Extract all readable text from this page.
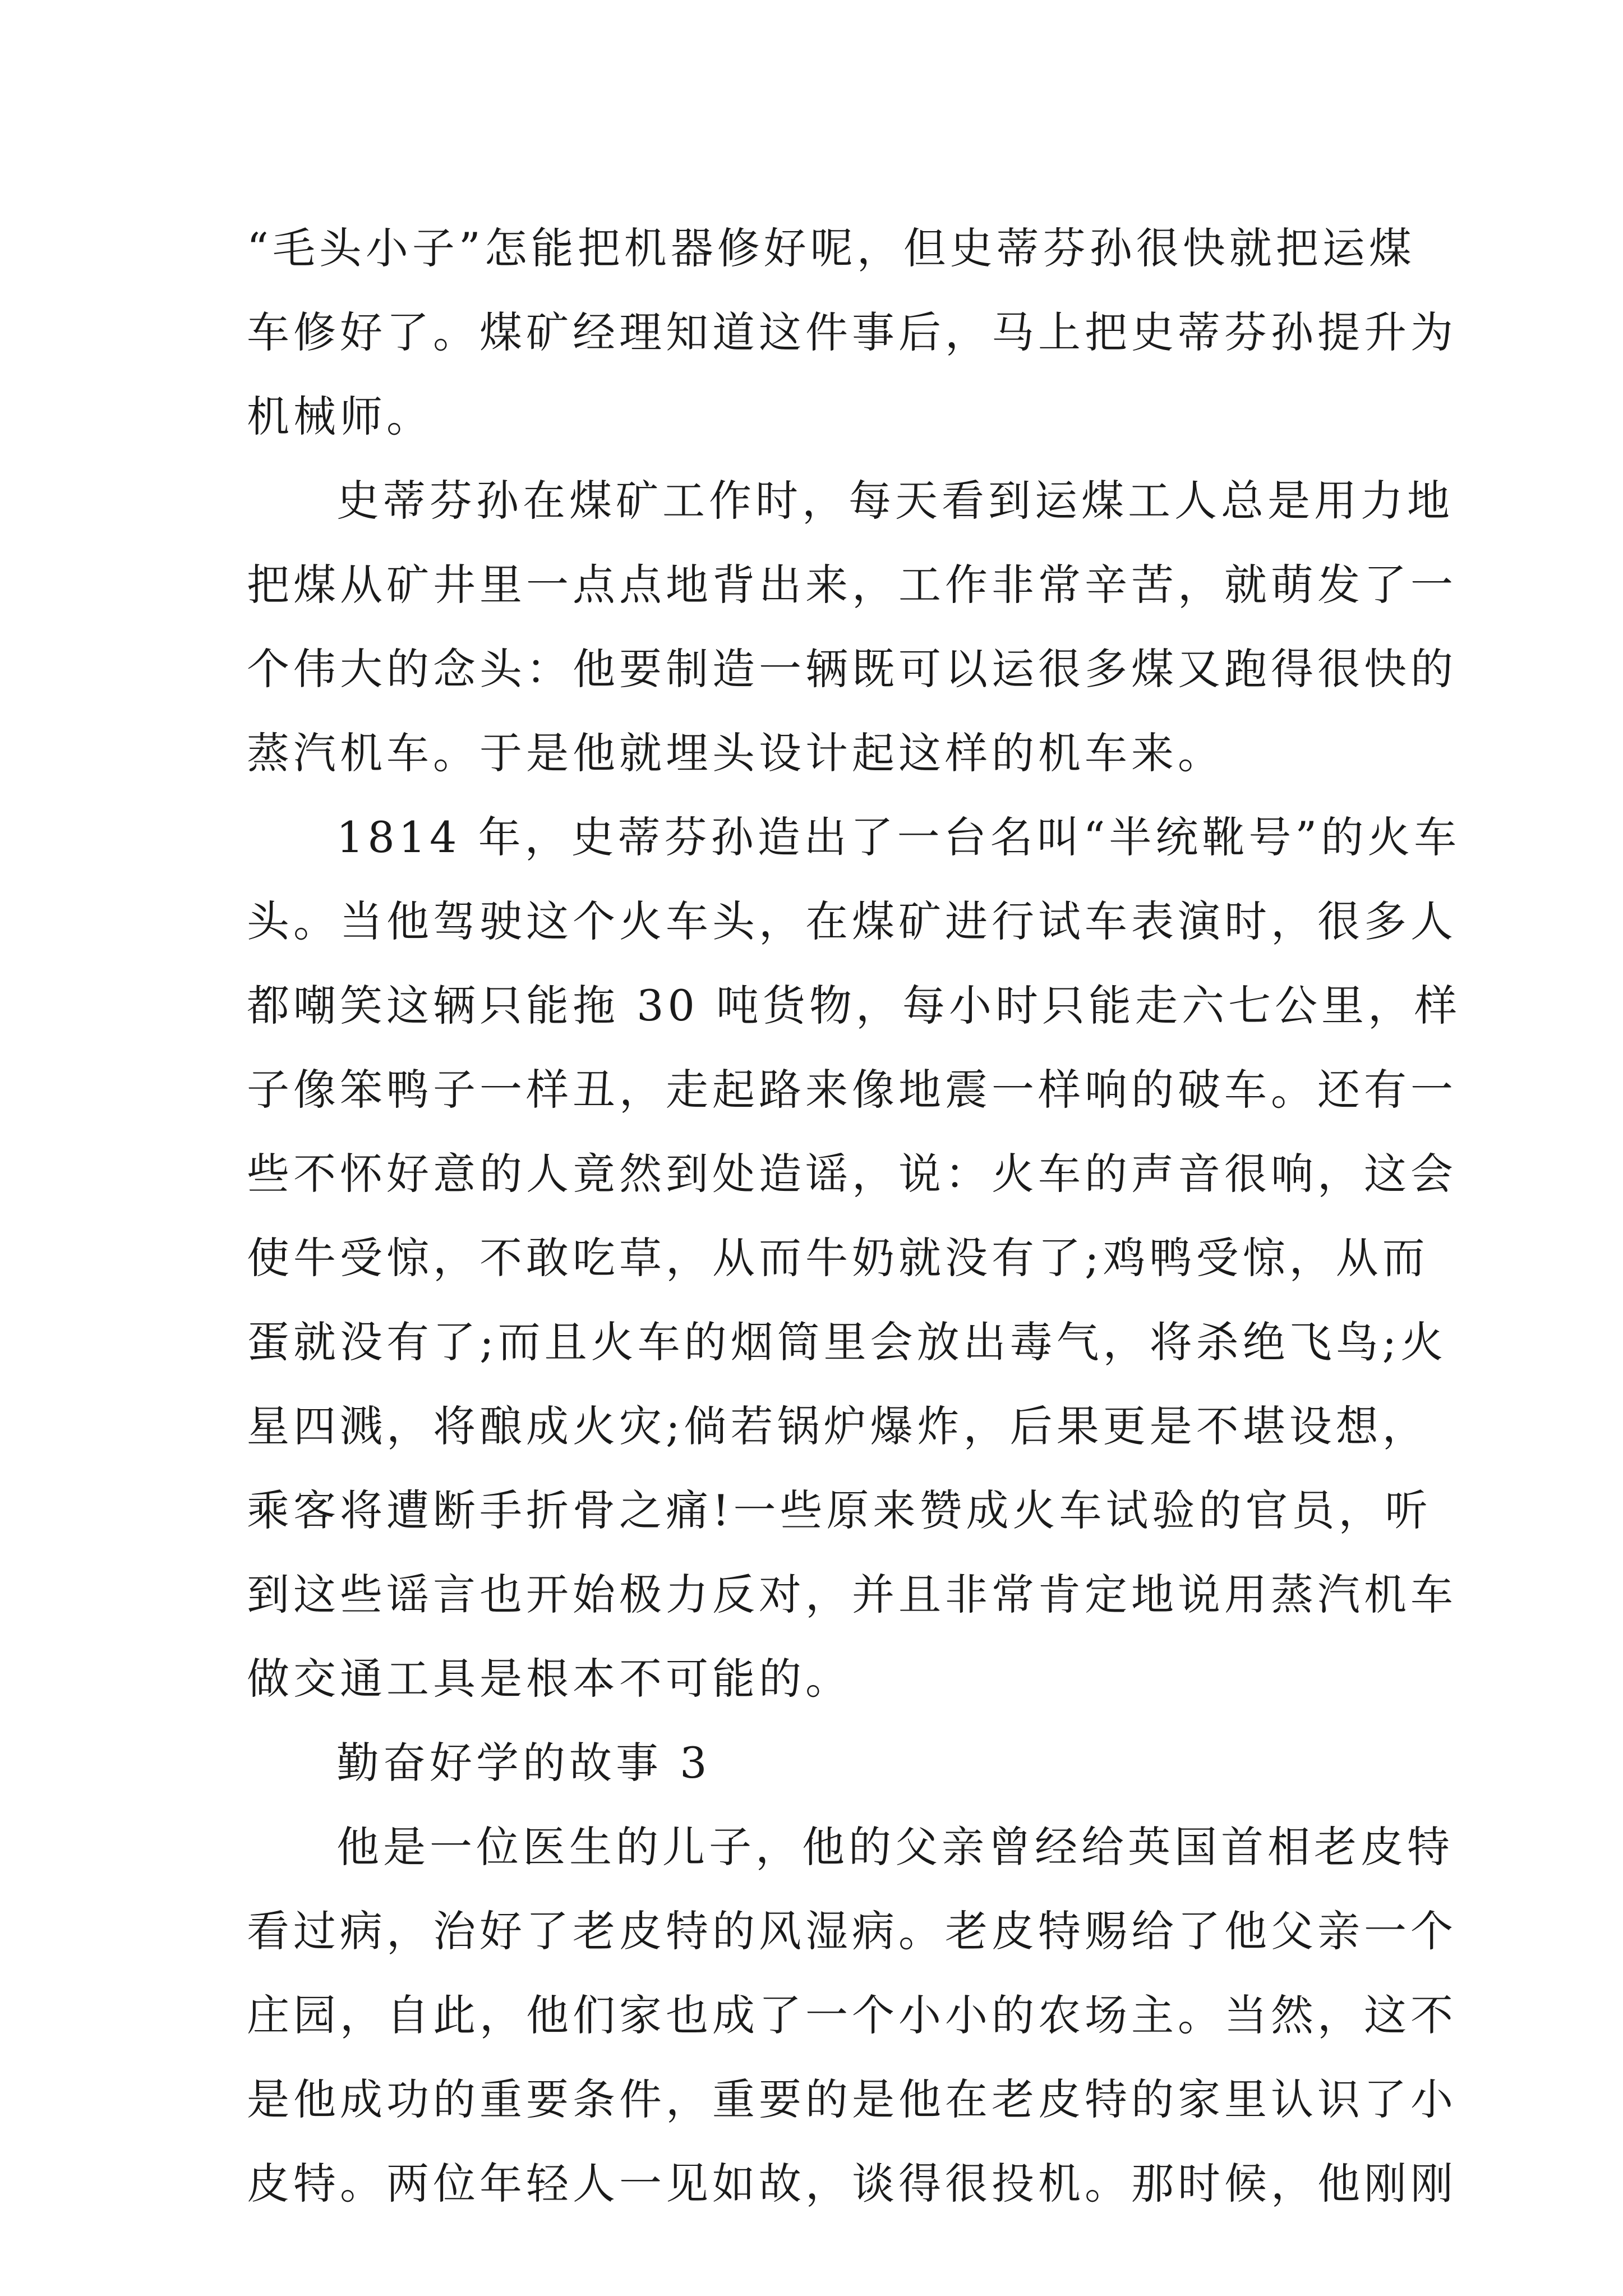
“毛头小子”怎能把机器修好呢，但史蒂芬孙很快就把运煤
车修好了。煤矿经理知道这件事后，马上把史蒂芬孙提升为
机械师。
史蒂芬孙在煤矿工作时，每天看到运煤工人总是用力地
把煤从矿井里一点点地背出来，工作非常辛苦，就萌发了一
个伟大的念头：他要制造一辆既可以运很多煤又跑得很快的
蒸汽机车。于是他就埋头设计起这样的机车来。
1814 年，史蒂芬孙造出了一台名叫“半统靴号”的火车
头。当他驾驶这个火车头，在煤矿进行试车表演时，很多人
都嘲笑这辆只能拖 30 吨货物，每小时只能走六七公里，样
子像笨鸭子一样丑，走起路来像地震一样响的破车。还有一
些不怀好意的人竟然到处造谣，说：火车的声音很响，这会
使牛受惊，不敢吃草，从而牛奶就没有了;鸡鸭受惊，从而
蛋就没有了;而且火车的烟筒里会放出毒气，将杀绝飞鸟;火
星四溅，将酿成火灾;倘若锅炉爆炸，后果更是不堪设想，
乘客将遭断手折骨之痛!一些原来赞成火车试验的官员，听
到这些谣言也开始极力反对，并且非常肯定地说用蒸汽机车
做交通工具是根本不可能的。
勤奋好学的故事 3
他是一位医生的儿子，他的父亲曾经给英国首相老皮特
看过病，治好了老皮特的风湿病。老皮特赐给了他父亲一个
庄园，自此，他们家也成了一个小小的农场主。当然，这不
是他成功的重要条件，重要的是他在老皮特的家里认识了小
皮特。两位年轻人一见如故，谈得很投机。那时候，他刚刚
